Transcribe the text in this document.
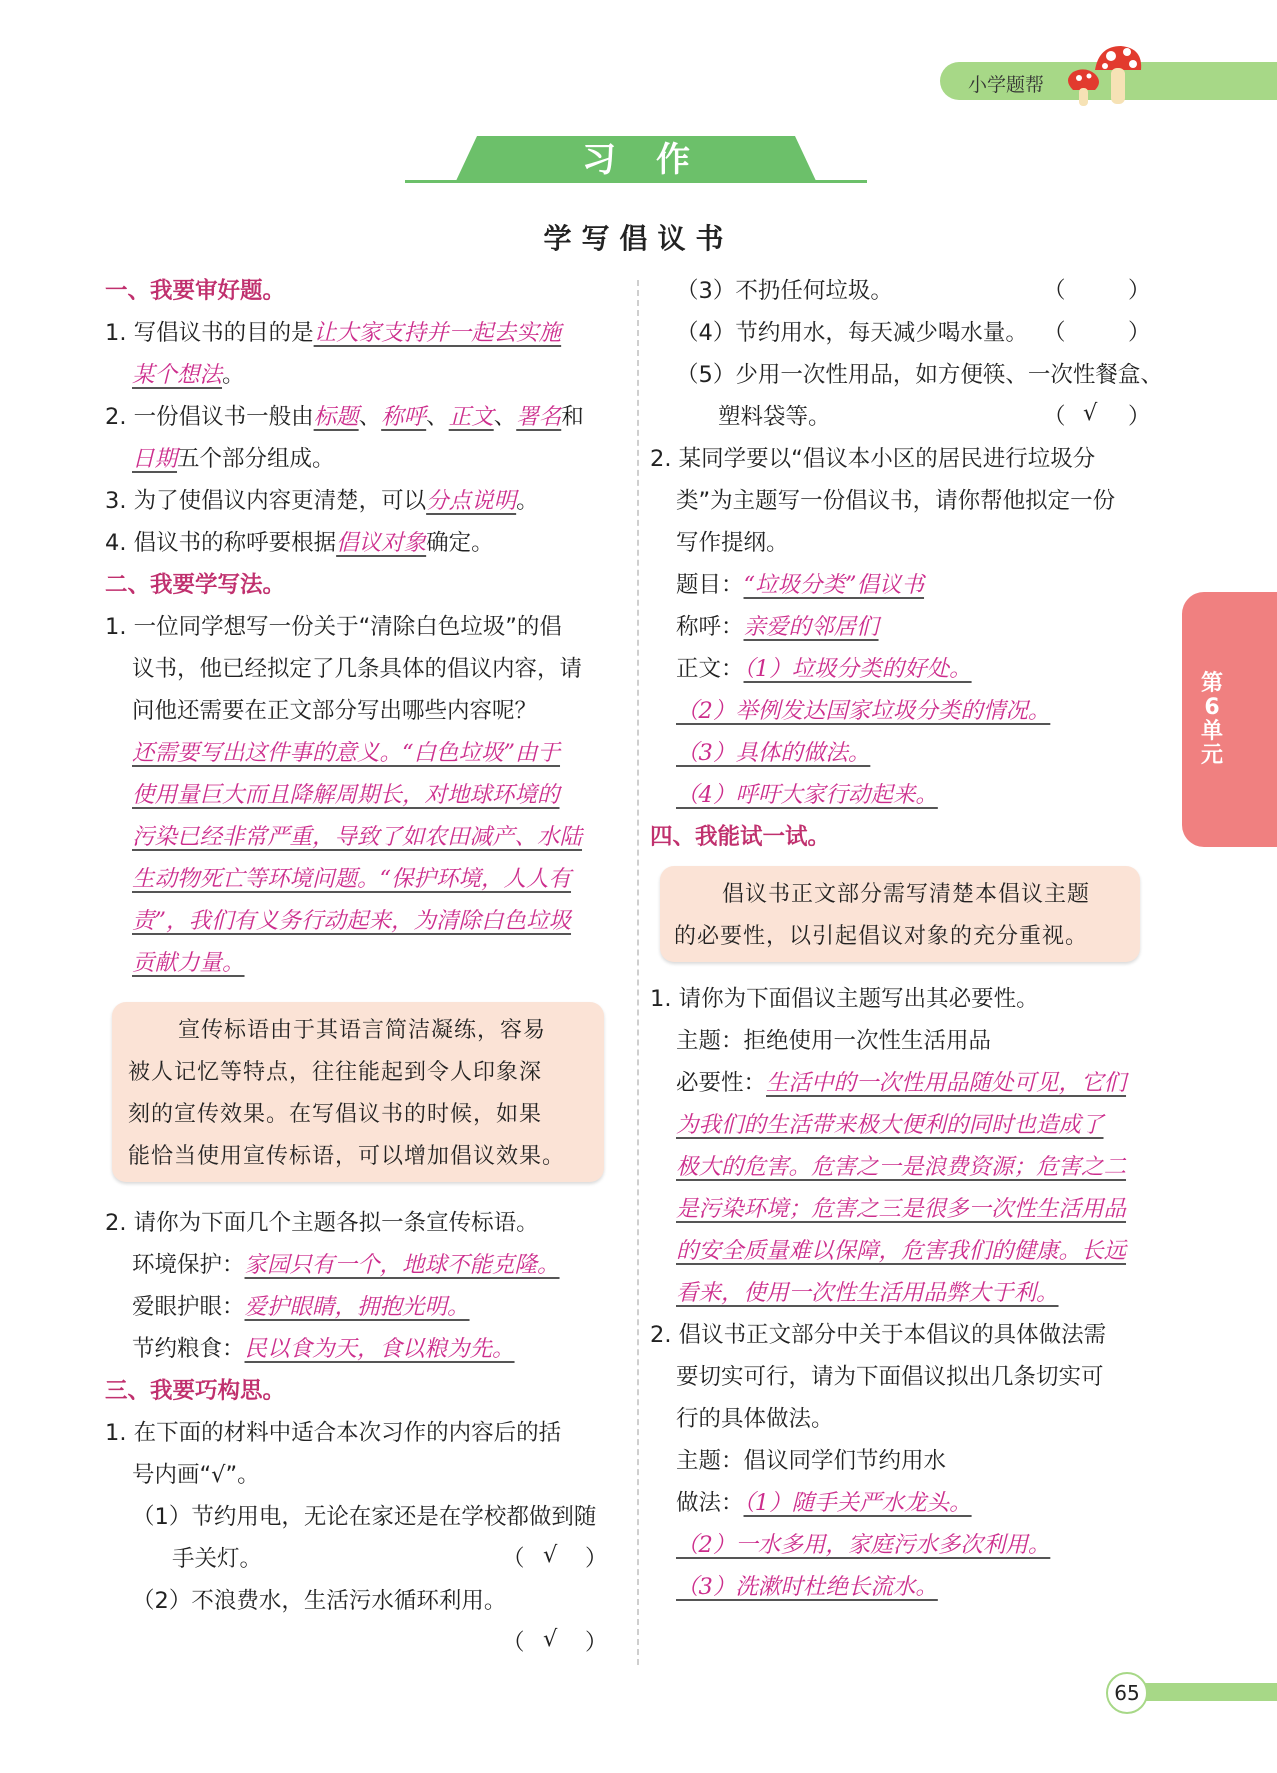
小学题帮
习作
学写倡议书
一、我要审好题。
1. 写倡议书的目的是让大家支持并一起去实施
某个想法。
2. 一份倡议书一般由标题、称呼、正文、署名和
日期五个部分组成。
3. 为了使倡议内容更清楚，可以分点说明。
4. 倡议书的称呼要根据倡议对象确定。
二、我要学写法。
1. 一位同学想写一份关于“清除白色垃圾”的倡
议书，他已经拟定了几条具体的倡议内容，请
问他还需要在正文部分写出哪些内容呢？
还需要写出这件事的意义。“白色垃圾”由于
使用量巨大而且降解周期长，对地球环境的
污染已经非常严重，导致了如农田减产、水陆
生动物死亡等环境问题。“保护环境，人人有
责”，我们有义务行动起来，为清除白色垃圾
贡献力量。
宣传标语由于其语言简洁凝练，容易
被人记忆等特点，往往能起到令人印象深
刻的宣传效果。在写倡议书的时候，如果
能恰当使用宣传标语，可以增加倡议效果。
2. 请你为下面几个主题各拟一条宣传标语。
环境保护：家园只有一个，地球不能克隆。
爱眼护眼：爱护眼睛，拥抱光明。
节约粮食：民以食为天，食以粮为先。
三、我要巧构思。
1. 在下面的材料中适合本次习作的内容后的括
号内画“√”。
（1）节约用电，无论在家还是在学校都做到随
手关灯。	（ √ ）
（2）不浪费水，生活污水循环利用。
（ √ ）
（3）不扔任何垃圾。	（	）
（4）节约用水，每天减少喝水量。 （	）
（5）少用一次性用品，如方便筷、一次性餐盒、
塑料袋等。	（ √ ）
2. 某同学要以“倡议本小区的居民进行垃圾分
类”为主题写一份倡议书，请你帮他拟定一份
写作提纲。
题目：“垃圾分类”倡议书
称呼：亲爱的邻居们
正文：（1）垃圾分类的好处。
（2）举例发达国家垃圾分类的情况。
（3）具体的做法。
（4）呼吁大家行动起来。
四、我能试一试。
倡议书正文部分需写清楚本倡议主题
的必要性，以引起倡议对象的充分重视。
1. 请你为下面倡议主题写出其必要性。
主题：拒绝使用一次性生活用品
必要性：生活中的一次性用品随处可见，它们
为我们的生活带来极大便利的同时也造成了
极大的危害。危害之一是浪费资源；危害之二
是污染环境；危害之三是很多一次性生活用品
的安全质量难以保障，危害我们的健康。长远
看来，使用一次性生活用品弊大于利。
2. 倡议书正文部分中关于本倡议的具体做法需
要切实可行，请为下面倡议拟出几条切实可
行的具体做法。
主题：倡议同学们节约用水
做法：（1）随手关严水龙头。
（2）一水多用，家庭污水多次利用。
（3）洗漱时杜绝长流水。
第6单元
65
